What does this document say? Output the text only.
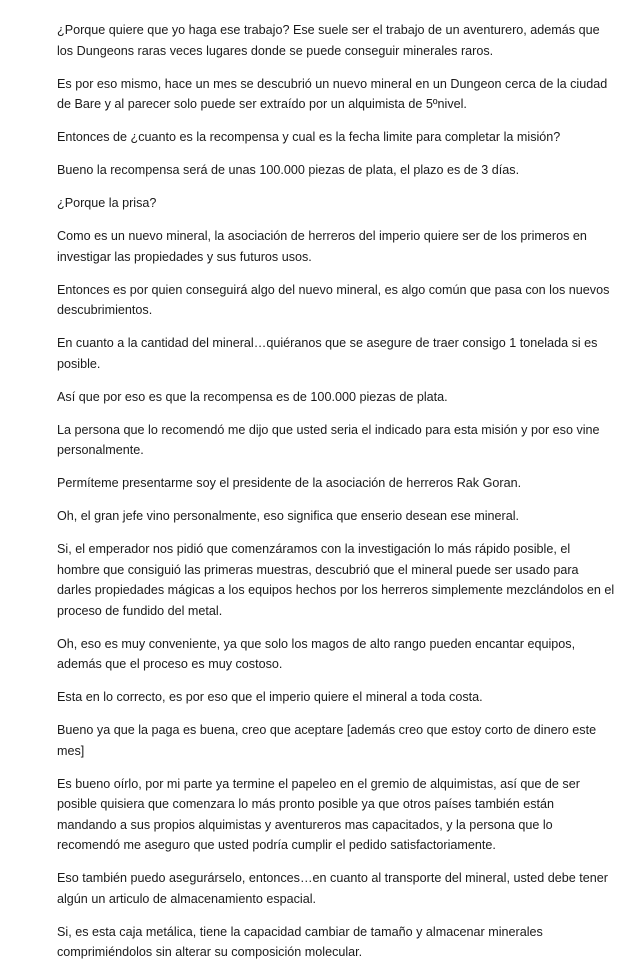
¿Porque quiere que yo haga ese trabajo? Ese suele ser el trabajo de un aventurero, además que los Dungeons raras veces lugares donde se puede conseguir minerales raros.

Es por eso mismo, hace un mes se descubrió un nuevo mineral en un Dungeon cerca de la ciudad de Bare y al parecer solo puede ser extraído por un alquimista de 5ºnivel.

Entonces de ¿cuanto es la recompensa y cual es la fecha limite para completar la misión?

Bueno la recompensa será de unas 100.000 piezas de plata, el plazo es de 3 días.

¿Porque la prisa?

Como es un nuevo mineral, la asociación de herreros del imperio quiere ser de los primeros en investigar las propiedades y sus futuros usos.

Entonces es por quien conseguirá algo del nuevo mineral, es algo común que pasa con los nuevos descubrimientos.

En cuanto a la cantidad del mineral…quiéranos que se asegure de traer consigo 1 tonelada si es posible.

Así que por eso es que la recompensa es de 100.000 piezas de plata.

La persona que lo recomendó me dijo que usted seria el indicado para esta misión y por eso vine personalmente.

Permíteme presentarme soy el presidente de la asociación de herreros Rak Goran.

Oh, el gran jefe vino personalmente, eso significa que enserio desean ese mineral.

Si, el emperador nos pidió que comenzáramos con la investigación lo más rápido posible, el hombre que consiguió las primeras muestras, descubrió que el mineral puede ser usado para darles propiedades mágicas a los equipos hechos por los herreros simplemente mezclándolos en el proceso de fundido del metal.

Oh, eso es muy conveniente, ya que solo los magos de alto rango pueden encantar equipos, además que el proceso es muy costoso.

Esta en lo correcto, es por eso que el imperio quiere el mineral a toda costa.

Bueno ya que la paga es buena, creo que aceptare [además creo que estoy corto de dinero este mes]

Es bueno oírlo, por mi parte ya termine el papeleo en el gremio de alquimistas, así que de ser posible quisiera que comenzara lo más pronto posible ya que otros países también están mandando a sus propios alquimistas y aventureros mas capacitados, y la persona que lo recomendó me aseguro que usted podría cumplir el pedido satisfactoriamente.

Eso también puedo asegurárselo, entonces…en cuanto al transporte del mineral, usted debe tener algún un articulo de almacenamiento espacial.

Si, es esta caja metálica, tiene la capacidad cambiar de tamaño y almacenar minerales comprimiéndolos sin alterar su composición molecular.
